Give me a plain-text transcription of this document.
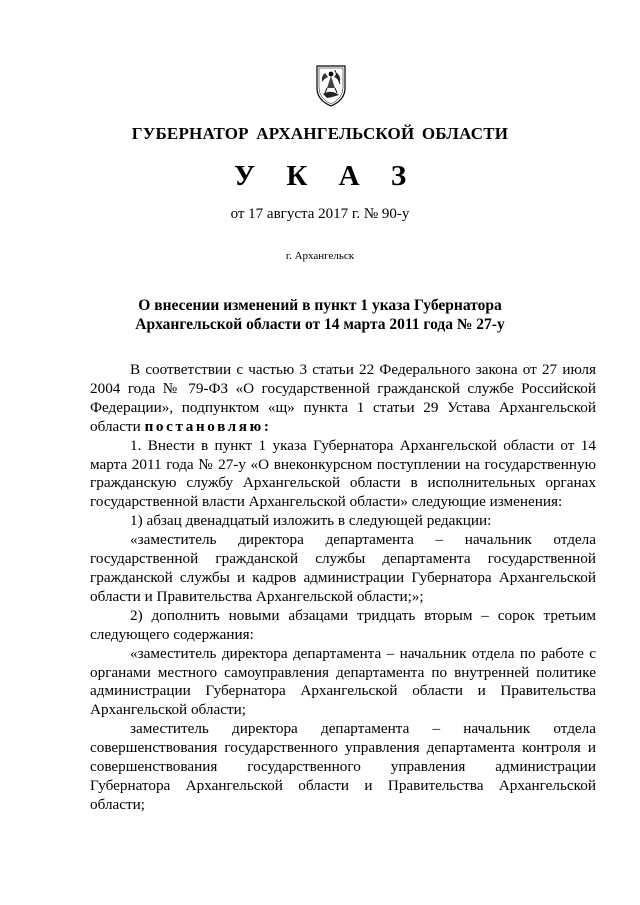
ГУБЕРНАТОР АРХАНГЕЛЬСКОЙ ОБЛАСТИ
У К А З
от 17 августа 2017 г. № 90-у
г. Архангельск
О внесении изменений в пункт 1 указа Губернатора
Архангельской области от 14 марта 2011 года № 27-у

В соответствии с частью 3 статьи 22 Федерального закона от 27 июля 2004 года № 79-ФЗ «О государственной гражданской службе Российской Федерации», подпунктом «щ» пункта 1 статьи 29 Устава Архангельской области постановляю:

1. Внести в пункт 1 указа Губернатора Архангельской области от 14 марта 2011 года № 27-у «О внеконкурсном поступлении на государственную гражданскую службу Архангельской области в исполнительных органах государственной власти Архангельской области» следующие изменения:

1) абзац двенадцатый изложить в следующей редакции:

«заместитель директора департамента – начальник отдела государственной гражданской службы департамента государственной гражданской службы и кадров администрации Губернатора Архангельской области и Правительства Архангельской области;»;

2) дополнить новыми абзацами тридцать вторым – сорок третьим следующего содержания:

«заместитель директора департамента – начальник отдела по работе с органами местного самоуправления департамента по внутренней политике администрации Губернатора Архангельской области и Правительства Архангельской области;

заместитель директора департамента – начальник отдела совершенствования государственного управления департамента контроля и совершенствования государственного управления администрации Губернатора Архангельской области и Правительства Архангельской области;
